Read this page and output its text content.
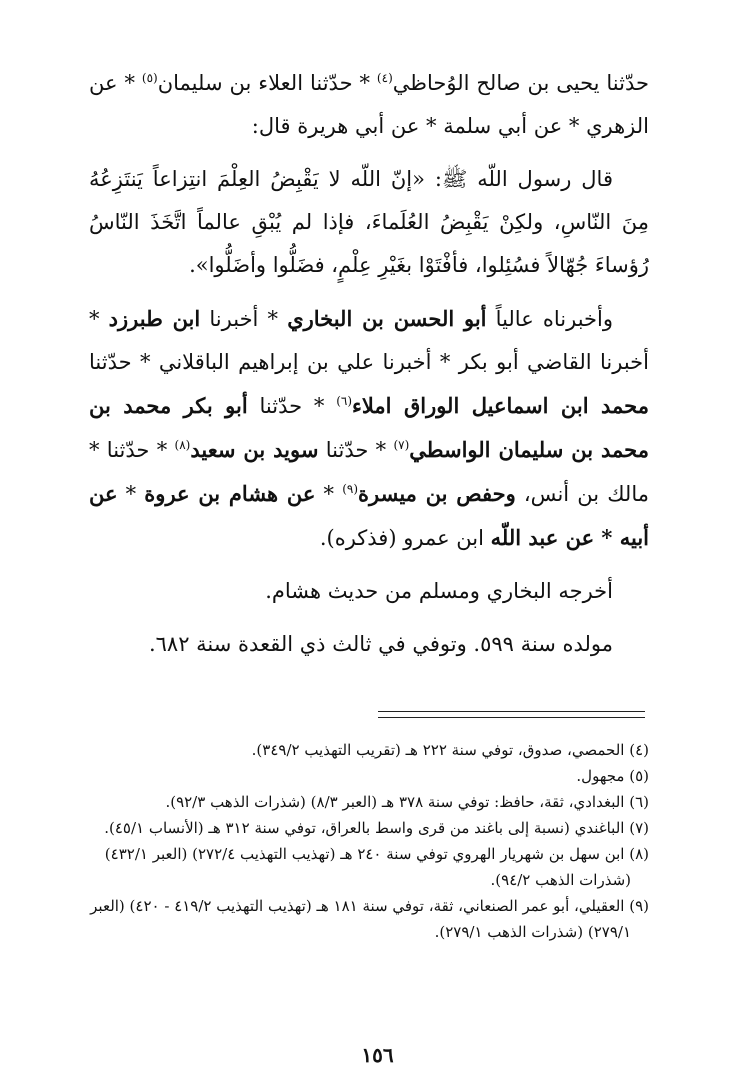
حدّثنا يحيى بن صالح الوُحاظي$^{(٤)}$ * حدّثنا العلاء بن سليمان$^{(٥)}$ * عن الزهري * عن أبي سلمة * عن أبي هريرة قال:

قال رسول اللّه ﷺ: «إنّ اللّه لا يَقْبِضُ العِلْمَ انتِزاعاً يَنتَزِعُهُ مِنَ النّاسِ، ولكِنْ يَقْبِضُ العُلَماءَ، فإذا لم يُبْقِ عالماً اتَّخَذَ النّاسُ رُؤساءَ جُهّالاً فسُئِلوا، فأفْتَوْا بغَيْرِ عِلْمٍ، فضَلُّوا وأضَلُّوا».

وأخبرناه عالياً أبو الحسن بن البخاري * أخبرنا ابن طبرزد * أخبرنا القاضي أبو بكر * أخبرنا علي بن إبراهيم الباقلاني * حدّثنا محمد ابن اسماعيل الوراق املاء$^{(٦)}$ * حدّثنا أبو بكر محمد بن محمد بن سليمان الواسطي$^{(٧)}$ * حدّثنا سويد بن سعيد$^{(٨)}$ * حدّثنا * مالك بن أنس، وحفص بن ميسرة$^{(٩)}$ * عن هشام بن عروة * عن أبيه * عن عبد اللّه ابن عمرو (فذكره).

أخرجه البخاري ومسلم من حديث هشام.

مولده سنة ٥٩٩. وتوفي في ثالث ذي القعدة سنة ٦٨٢.

(٤) الحمصي، صدوق، توفي سنة ٢٢٢ هـ (تقريب التهذيب ٣٤٩/٢).

(٥) مجهول.

(٦) البغدادي، ثقة، حافظ: توفي سنة ٣٧٨ هـ (العبر ٨/٣) (شذرات الذهب ٩٢/٣).

(٧) الباغندي (نسبة إلى باغند من قرى واسط بالعراق، توفي سنة ٣١٢ هـ (الأنساب ٤٥/١).

(٨) ابن سهل بن شهريار الهروي توفي سنة ٢٤٠ هـ (تهذيب التهذيب ٢٧٢/٤) (العبر ٤٣٢/١)

(شذرات الذهب ٩٤/٢).

(٩) العقيلي، أبو عمر الصنعاني، ثقة، توفي سنة ١٨١ هـ (تهذيب التهذيب ٤١٩/٢ - ٤٢٠) (العبر

٢٧٩/١) (شذرات الذهب ٢٧٩/١).

١٥٦
